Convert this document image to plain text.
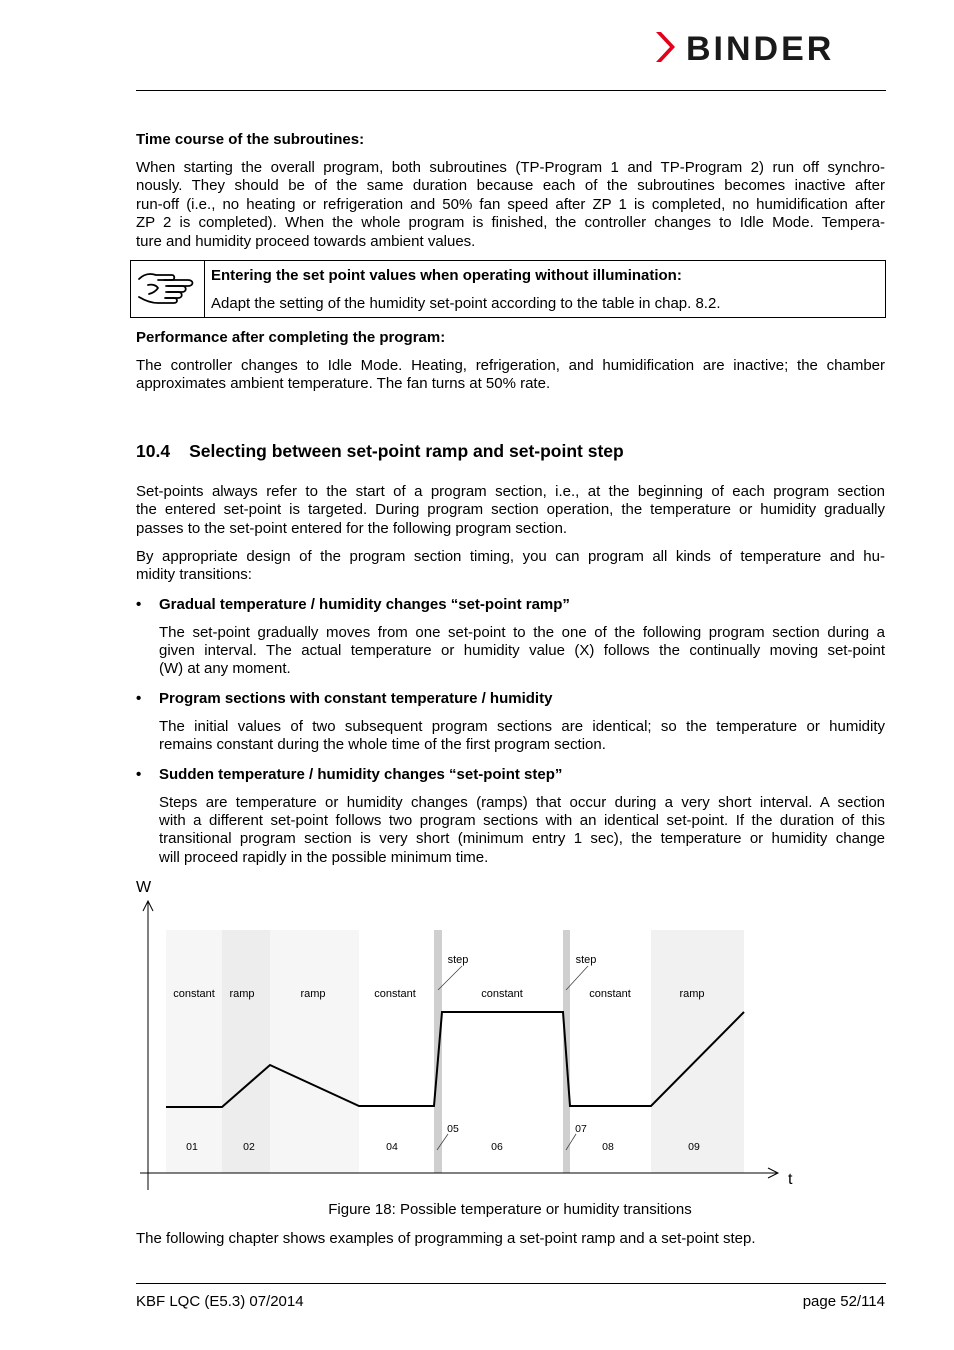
BINDER
Time course of the subroutines:
When starting the overall program, both subroutines (TP-Program 1 and TP-Program 2) run off synchro-
nously. They should be of the same duration because each of the subroutines becomes inactive after
run-off (i.e., no heating or refrigeration and 50% fan speed after ZP 1 is completed, no humidification after
ZP 2 is completed). When the whole program is finished, the controller changes to Idle Mode. Tempera-
ture and humidity proceed towards ambient values.
Entering the set point values when operating without illumination:
Adapt the setting of the humidity set-point according to the table in chap. 8.2.
Performance after completing the program:
The controller changes to Idle Mode. Heating, refrigeration, and humidification are inactive; the chamber
approximates ambient temperature. The fan turns at 50% rate.
10.4 Selecting between set-point ramp and set-point step
Set-points always refer to the start of a program section, i.e., at the beginning of each program section
the entered set-point is targeted. During program section operation, the temperature or humidity gradually
passes to the set-point entered for the following program section.
By appropriate design of the program section timing, you can program all kinds of temperature and hu-
midity transitions:
• Gradual temperature / humidity changes “set-point ramp”
The set-point gradually moves from one set-point to the one of the following program section during a
given interval. The actual temperature or humidity value (X) follows the continually moving set-point
(W) at any moment.
• Program sections with constant temperature / humidity
The initial values of two subsequent program sections are identical; so the temperature or humidity
remains constant during the whole time of the first program section.
• Sudden temperature / humidity changes “set-point step”
Steps are temperature or humidity changes (ramps) that occur during a very short interval. A section
with a different set-point follows two program sections with an identical set-point. If the duration of this
transitional program section is very short (minimum entry 1 sec), the temperature or humidity change
will proceed rapidly in the possible minimum time.
W
t
constant ramp	ramp	constant
step
constant
step
constant	ramp
01	02	04
05
06
07
08	09
Figure 18: Possible temperature or humidity transitions
The following chapter shows examples of programming a set-point ramp and a set-point step.
KBF LQC (E5.3) 07/2014	page 52/114
